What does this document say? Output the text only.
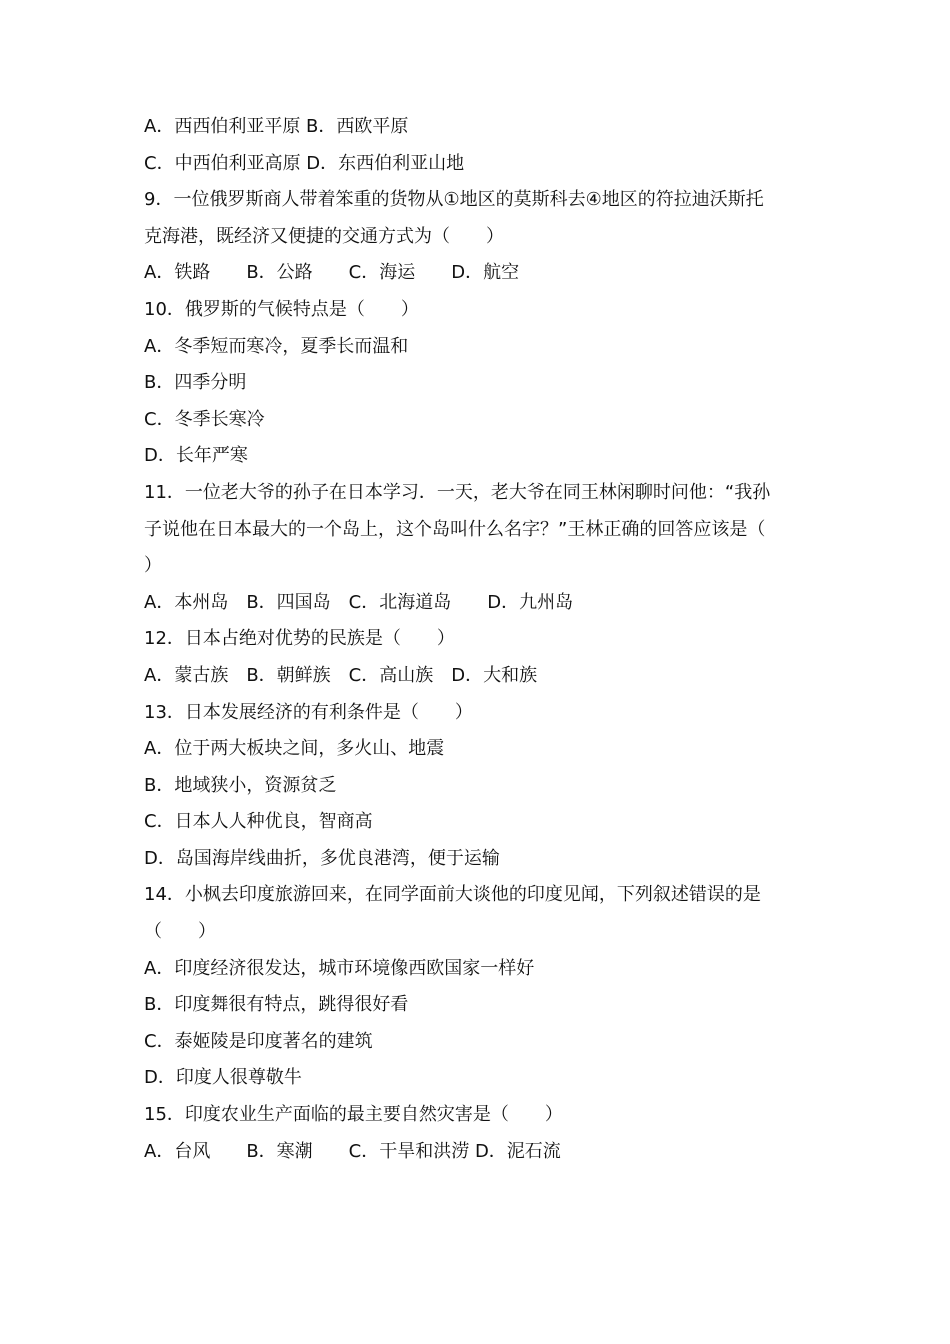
A．西西伯利亚平原 B．西欧平原
C．中西伯利亚高原 D．东西伯利亚山地
9．一位俄罗斯商人带着笨重的货物从①地区的莫斯科去④地区的符拉迪沃斯托
克海港，既经济又便捷的交通方式为（　　）
A．铁路　　B．公路　　C．海运　　D．航空
10．俄罗斯的气候特点是（　　）
A．冬季短而寒冷，夏季长而温和
B．四季分明
C．冬季长寒冷
D．长年严寒
11．一位老大爷的孙子在日本学习．一天，老大爷在同王林闲聊时问他：“我孙
子说他在日本最大的一个岛上，这个岛叫什么名字？”王林正确的回答应该是（
）
A．本州岛　B．四国岛　C．北海道岛　　D．九州岛
12．日本占绝对优势的民族是（　　）
A．蒙古族　B．朝鲜族　C．高山族　D．大和族
13．日本发展经济的有利条件是（　　）
A．位于两大板块之间，多火山、地震
B．地域狭小，资源贫乏
C．日本人人种优良，智商高
D．岛国海岸线曲折，多优良港湾，便于运输
14．小枫去印度旅游回来，在同学面前大谈他的印度见闻，下列叙述错误的是
（　　）
A．印度经济很发达，城市环境像西欧国家一样好
B．印度舞很有特点，跳得很好看
C．泰姬陵是印度著名的建筑
D．印度人很尊敬牛
15．印度农业生产面临的最主要自然灾害是（　　）
A．台风　　B．寒潮　　C．干旱和洪涝 D．泥石流
